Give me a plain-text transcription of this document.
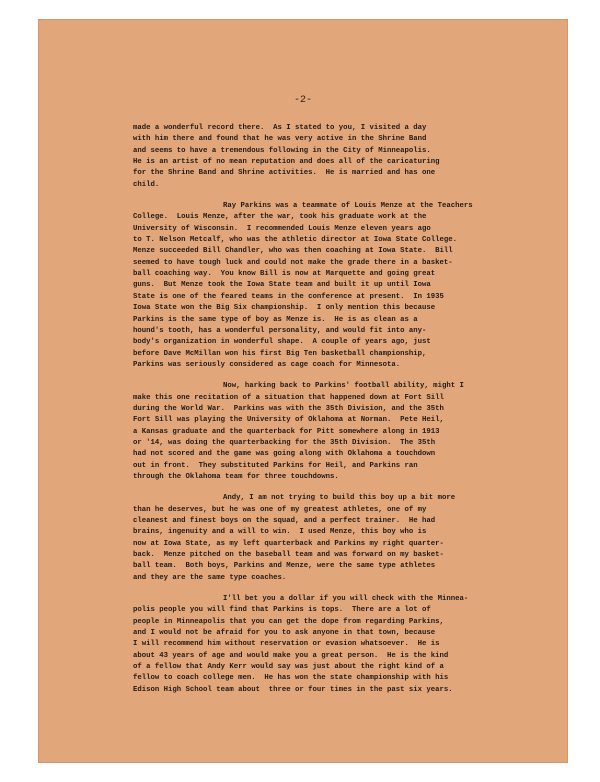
-2-
made a wonderful record there.  As I stated to you, I visited a day
with him there and found that he was very active in the Shrine Band
and seems to have a tremendous following in the City of Minneapolis.
He is an artist of no mean reputation and does all of the caricaturing
for the Shrine Band and Shrine activities.  He is married and has one
child.
Ray Parkins was a teammate of Louis Menze at the Teachers
College.  Louis Menze, after the war, took his graduate work at the
University of Wisconsin.  I recommended Louis Menze eleven years ago
to T. Nelson Metcalf, who was the athletic director at Iowa State College.
Menze succeeded Bill Chandler, who was then coaching at Iowa State.  Bill
seemed to have tough luck and could not make the grade there in a basket-
ball coaching way.  You know Bill is now at Marquette and going great
guns.  But Menze took the Iowa State team and built it up until Iowa
State is one of the feared teams in the conference at present.  In 1935
Iowa State won the Big Six championship.  I only mention this because
Parkins is the same type of boy as Menze is.  He is as clean as a
hound's tooth, has a wonderful personality, and would fit into any-
body's organization in wonderful shape.  A couple of years ago, just
before Dave McMillan won his first Big Ten basketball championship,
Parkins was seriously considered as cage coach for Minnesota.
Now, harking back to Parkins' football ability, might I
make this one recitation of a situation that happened down at Fort Sill
during the World War.  Parkins was with the 35th Division, and the 35th
Fort Sill was playing the University of Oklahoma at Norman.  Pete Heil,
a Kansas graduate and the quarterback for Pitt somewhere along in 1913
or '14, was doing the quarterbacking for the 35th Division.  The 35th
had not scored and the game was going along with Oklahoma a touchdown
out in front.  They substituted Parkins for Heil, and Parkins ran
through the Oklahoma team for three touchdowns.
Andy, I am not trying to build this boy up a bit more
than he deserves, but he was one of my greatest athletes, one of my
cleanest and finest boys on the squad, and a perfect trainer.  He had
brains, ingenuity and a will to win.  I used Menze, this boy who is
now at Iowa State, as my left quarterback and Parkins my right quarter-
back.  Menze pitched on the baseball team and was forward on my basket-
ball team.  Both boys, Parkins and Menze, were the same type athletes
and they are the same type coaches.
I'll bet you a dollar if you will check with the Minnea-
polis people you will find that Parkins is tops.  There are a lot of
people in Minneapolis that you can get the dope from regarding Parkins,
and I would not be afraid for you to ask anyone in that town, because
I will recommend him without reservation or evasion whatsoever.  He is
about 43 years of age and would make you a great person.  He is the kind
of a fellow that Andy Kerr would say was just about the right kind of a
fellow to coach college men.  He has won the state championship with his
Edison High School team about  three or four times in the past six years.
